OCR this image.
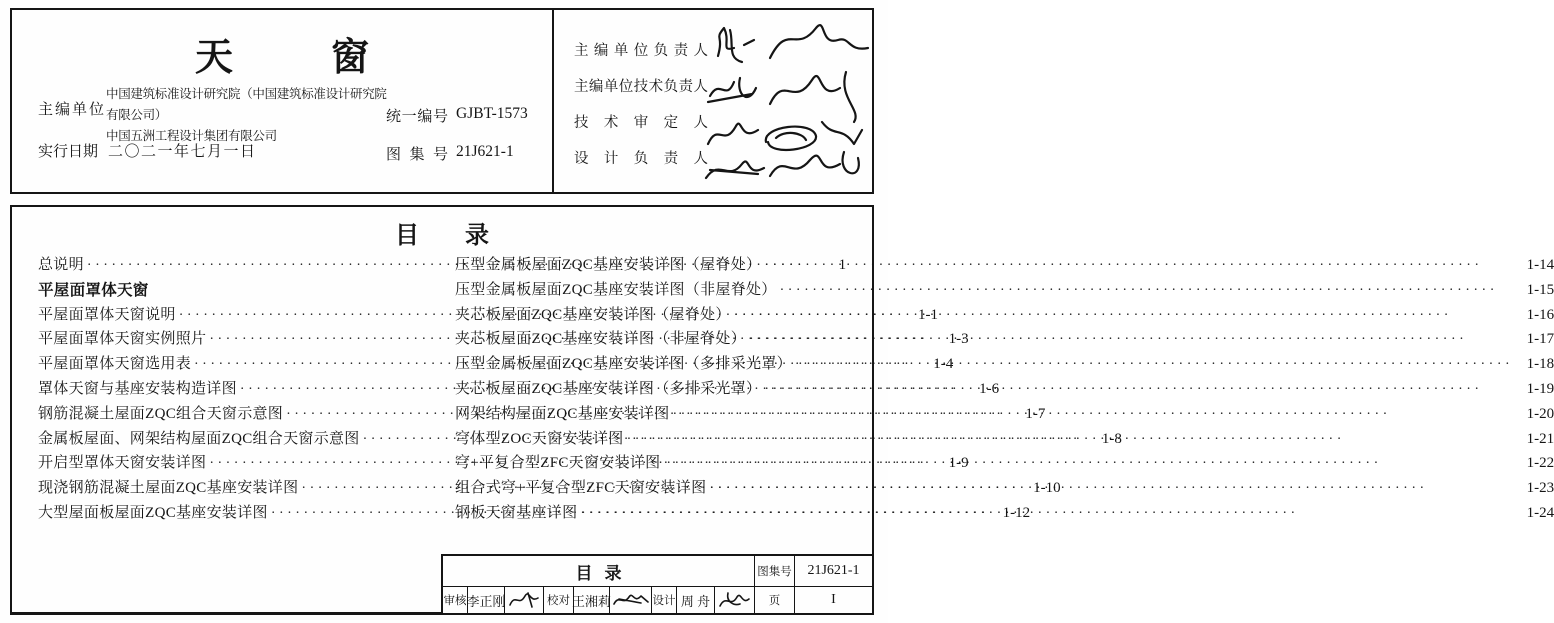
天窗
主编单位
中国建筑标准设计研究院（中国建筑标准设计研究院有限公司）
中国五洲工程设计集团有限公司
实行日期 二〇二一年七月一日
统一编号 GJBT-1573
图集号 21J621-1
主编单位负责人
主编单位技术负责人
技术审定人
设计负责人
目录
总说明 ·····	1
平屋面罩体天窗
平屋面罩体天窗说明 ·····	1-1
平屋面罩体天窗实例照片 ·····	1-3
平屋面罩体天窗选用表 ·····	1-4
罩体天窗与基座安装构造详图 ·····	1-6
钢筋混凝土屋面ZQC组合天窗示意图 ·····	1-7
金属板屋面、网架结构屋面ZQC组合天窗示意图 ·····	1-8
开启型罩体天窗安装详图 ·····	1-9
现浇钢筋混凝土屋面ZQC基座安装详图 ·····	1-10
大型屋面板屋面ZQC基座安装详图 ·····	1-12
压型金属板屋面ZQC基座安装详图（屋脊处） ·····	1-14
压型金属板屋面ZQC基座安装详图（非屋脊处） ·····	1-15
夹芯板屋面ZQC基座安装详图（屋脊处） ·····	1-16
夹芯板屋面ZQC基座安装详图（非屋脊处） ·····	1-17
压型金属板屋面ZQC基座安装详图（多排采光罩） ·····	1-18
夹芯板屋面ZQC基座安装详图（多排采光罩） ·····	1-19
网架结构屋面ZQC基座安装详图 ·····	1-20
穹体型ZOC天窗安装详图 ·····	1-21
穹+平复合型ZFC天窗安装详图 ·····	1-22
组合式穹+平复合型ZFC天窗安装详图 ·····	1-23
钢板天窗基座详图 ·····	1-24
目录	图集号	21J621-1
审核 李正刚	校对 王湘莉	设计 周 舟	页	I
